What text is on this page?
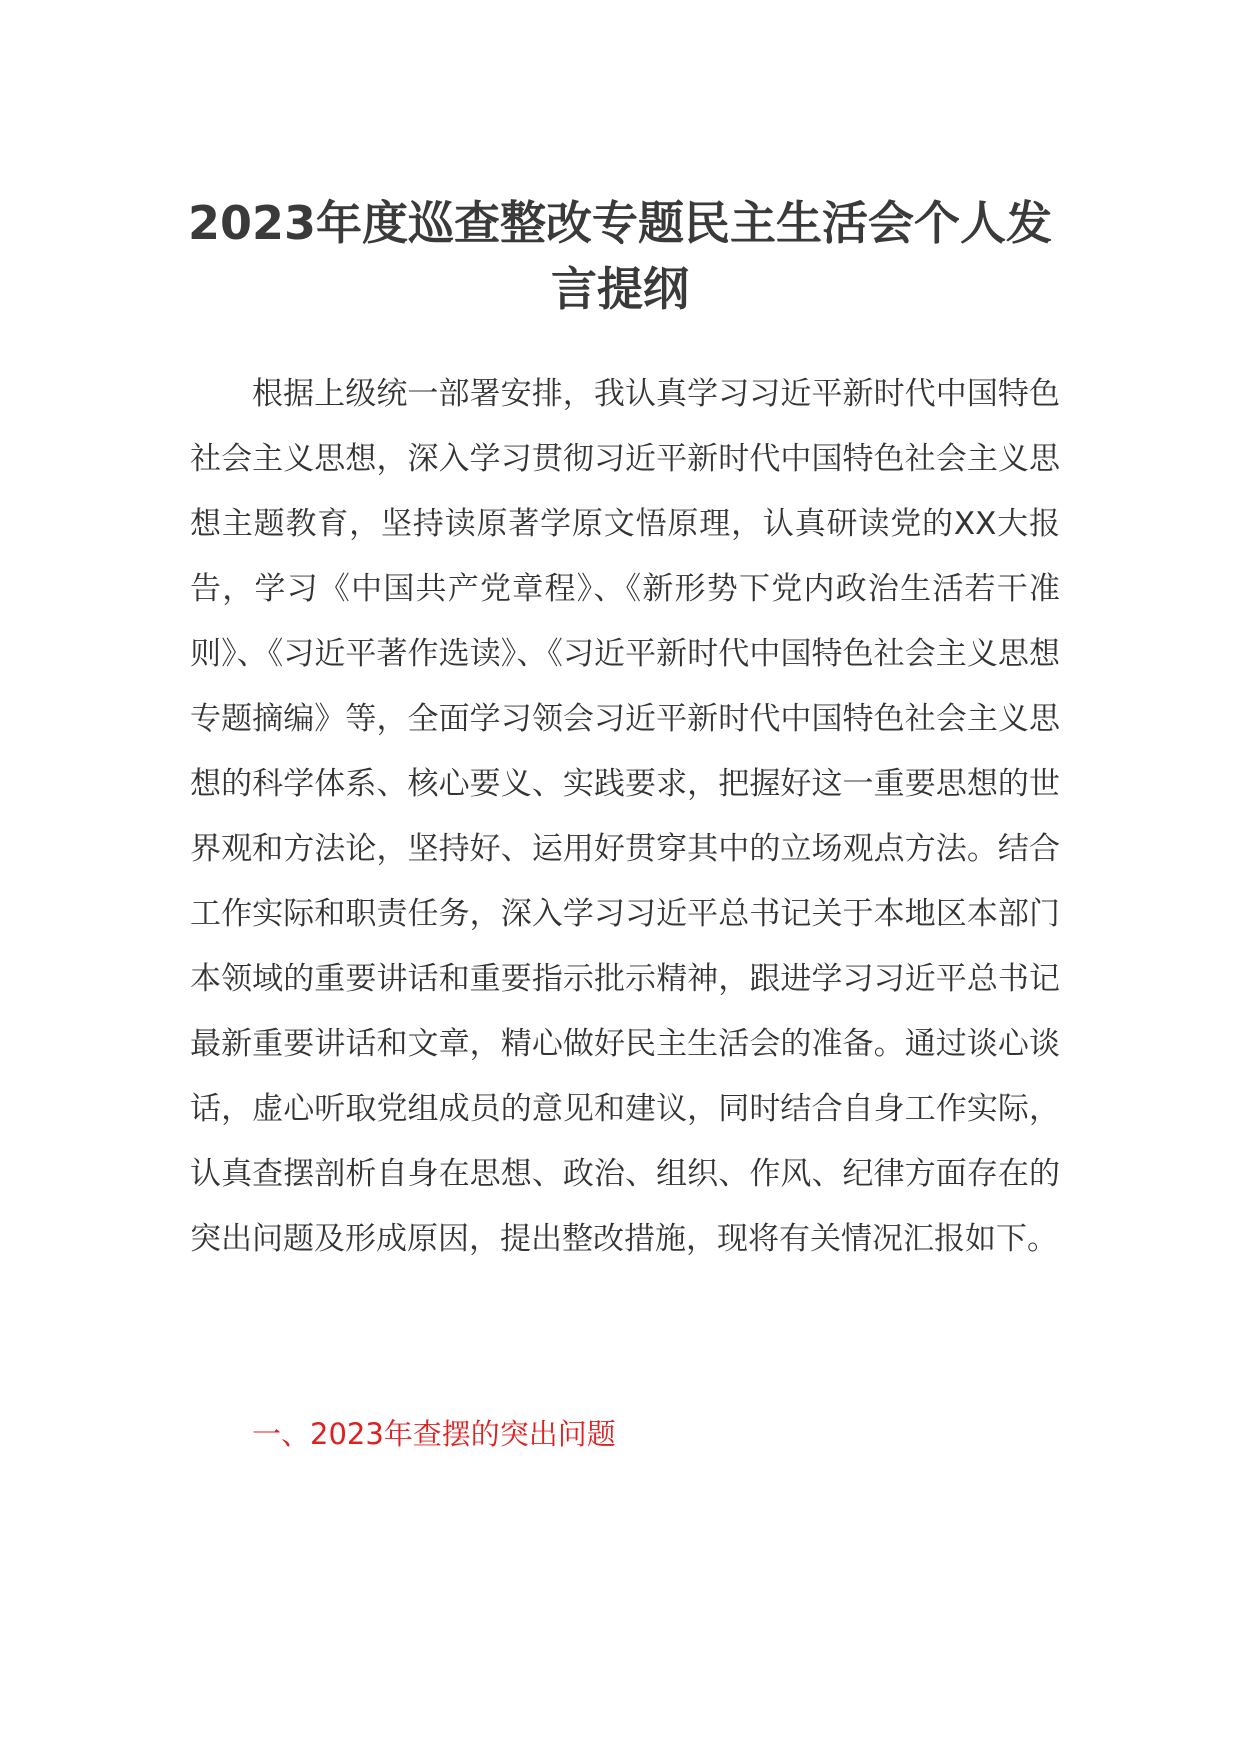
2023年度巡查整改专题民主生活会个人发
言提纲

根据上级统一部署安排，我认真学习习近平新时代中国特色社会主义思想，深入学习贯彻习近平新时代中国特色社会主义思想主题教育，坚持读原著学原文悟原理，认真研读党的XX大报告，学习《中国共产党章程》、《新形势下党内政治生活若干准则》、《习近平著作选读》、《习近平新时代中国特色社会主义思想专题摘编》等，全面学习领会习近平新时代中国特色社会主义思想的科学体系、核心要义、实践要求，把握好这一重要思想的世界观和方法论，坚持好、运用好贯穿其中的立场观点方法。结合工作实际和职责任务，深入学习习近平总书记关于本地区本部门本领域的重要讲话和重要指示批示精神，跟进学习习近平总书记最新重要讲话和文章，精心做好民主生活会的准备。通过谈心谈话，虚心听取党组成员的意见和建议，同时结合自身工作实际，认真查摆剖析自身在思想、政治、组织、作风、纪律方面存在的突出问题及形成原因，提出整改措施，现将有关情况汇报如下。

一、2023年查摆的突出问题
